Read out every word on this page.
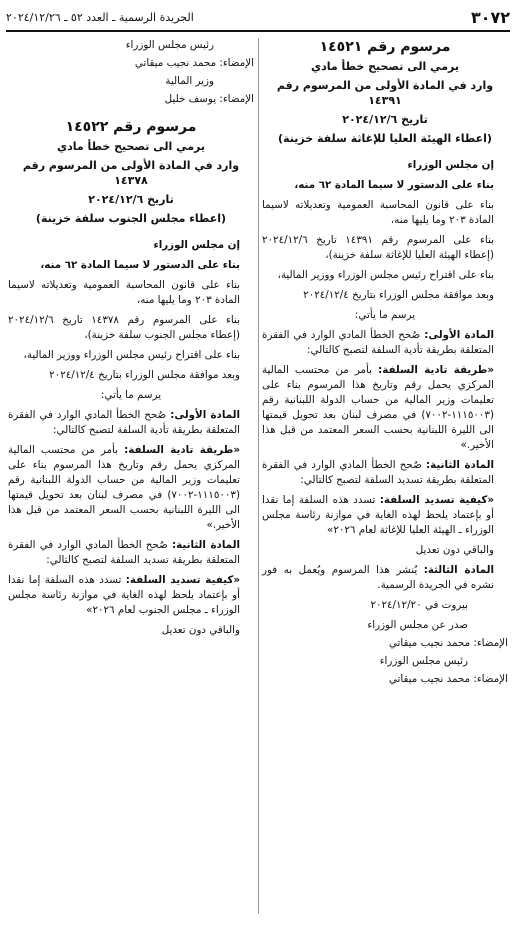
٣٠٧٢
الجريدة الرسمية ـ العدد ٥٢ ـ ٢٠٢٤/١٢/٢٦
مرسوم رقم ١٤٥٢١
يرمي الى تصحيح خطأ مادي
وارد في المادة الأولى من المرسوم رقم ١٤٣٩١
تاريخ ٢٠٢٤/١٢/٦
(اعطاء الهيئة العليا للإغاثة سلفة خزينة)
إن مجلس الوزراء
بناء على الدستور لا سيما المادة ٦٢ منه،
بناء على قانون المحاسبة العمومية وتعديلاته لاسيما المادة ٢٠٣ وما يليها منه،
بناء على المرسوم رقم ١٤٣٩١ تاريخ ٢٠٢٤/١٢/٦ (إعطاء الهيئة العليا للإغاثة سلفة خزينة)،
بناء على اقتراح رئيس مجلس الوزراء ووزير المالية،
وبعد موافقة مجلس الوزراء بتاريخ ٢٠٢٤/١٢/٤
يرسم ما يأتي:
المادة الأولى: صُحح الخطأ المادي الوارد في الفقرة المتعلقة بطريقة تأدية السلفة لتصبح كالتالي:
«طريقة تادية السلفة: بأمر من محتسب المالية المركزي يحمل رقم وتاريخ هذا المرسوم بناء على تعليمات وزير المالية من حساب الدولة اللبنانية رقم (١١١٥٠٠٣-٧٠٠٢) في مصرف لبنان بعد تحويل قيمتها الى الليرة اللبنانية بحسب السعر المعتمد من قبل هذا الأخير.»
المادة الثانية: صُحح الخطأ المادي الوارد في الفقرة المتعلقة بطريقة تسديد السلفة لتصبح كالتالي:
«كيفية تسديد السلفة: تسدد هذه السلفة إما نقدا أو بإعتماد يلحظ لهذه الغاية في موازنة رئاسة مجلس الوزراء ـ الهيئة العليا للإغاثة لعام ٢٠٢٦»
والباقي دون تعديل
المادة الثالثة: يُنشر هذا المرسوم ويُعمل به فور نشره في الجريدة الرسمية.
بيروت في ٢٠٢٤/١٢/٢٠
صدر عن مجلس الوزراء
الإمضاء: محمد نجيب ميقاتي
رئيس مجلس الوزراء
الإمضاء: محمد نجيب ميقاتي
رئيس مجلس الوزراء
الإمضاء: محمد نجيب ميقاتي
وزير المالية
الإمضاء: يوسف خليل
مرسوم رقم ١٤٥٢٢
يرمي الى تصحيح خطأ مادي
وارد في المادة الأولى من المرسوم رقم ١٤٣٧٨
تاريخ ٢٠٢٤/١٢/٦
(اعطاء مجلس الجنوب سلفة خزينة)
إن مجلس الوزراء
بناء على الدستور لا سيما المادة ٦٢ منه،
بناء على قانون المحاسبة العمومية وتعديلاته لاسيما المادة ٢٠٣ وما يليها منه،
بناء على المرسوم رقم ١٤٣٧٨ تاريخ ٢٠٢٤/١٢/٦ (إعطاء مجلس الجنوب سلفة خزينة)،
بناء على اقتراح رئيس مجلس الوزراء ووزير المالية،
وبعد موافقة مجلس الوزراء بتاريخ ٢٠٢٤/١٢/٤
يرسم ما يأتي:
المادة الأولى: صُحح الخطأ المادي الوارد في الفقرة المتعلقة بطريقة تأدية السلفة لتصبح كالتالي:
«طريقة تادية السلفة: بأمر من محتسب المالية المركزي يحمل رقم وتاريخ هذا المرسوم بناء على تعليمات وزير المالية من حساب الدولة اللبنانية رقم (١١١٥٠٠٣-٧٠٠٢) في مصرف لبنان بعد تحويل قيمتها الى الليرة اللبنانية بحسب السعر المعتمد من قبل هذا الأخير.»
المادة الثانية: صُحح الخطأ المادي الوارد في الفقرة المتعلقة بطريقة تسديد السلفة لتصبح كالتالي:
«كيفية تسديد السلفة: تسدد هذه السلفة إما نقدا أو بإعتماد يلحظ لهذه الغاية في موازنة رئاسة مجلس الوزراء ـ مجلس الجنوب لعام ٢٠٢٦»
والباقي دون تعديل
